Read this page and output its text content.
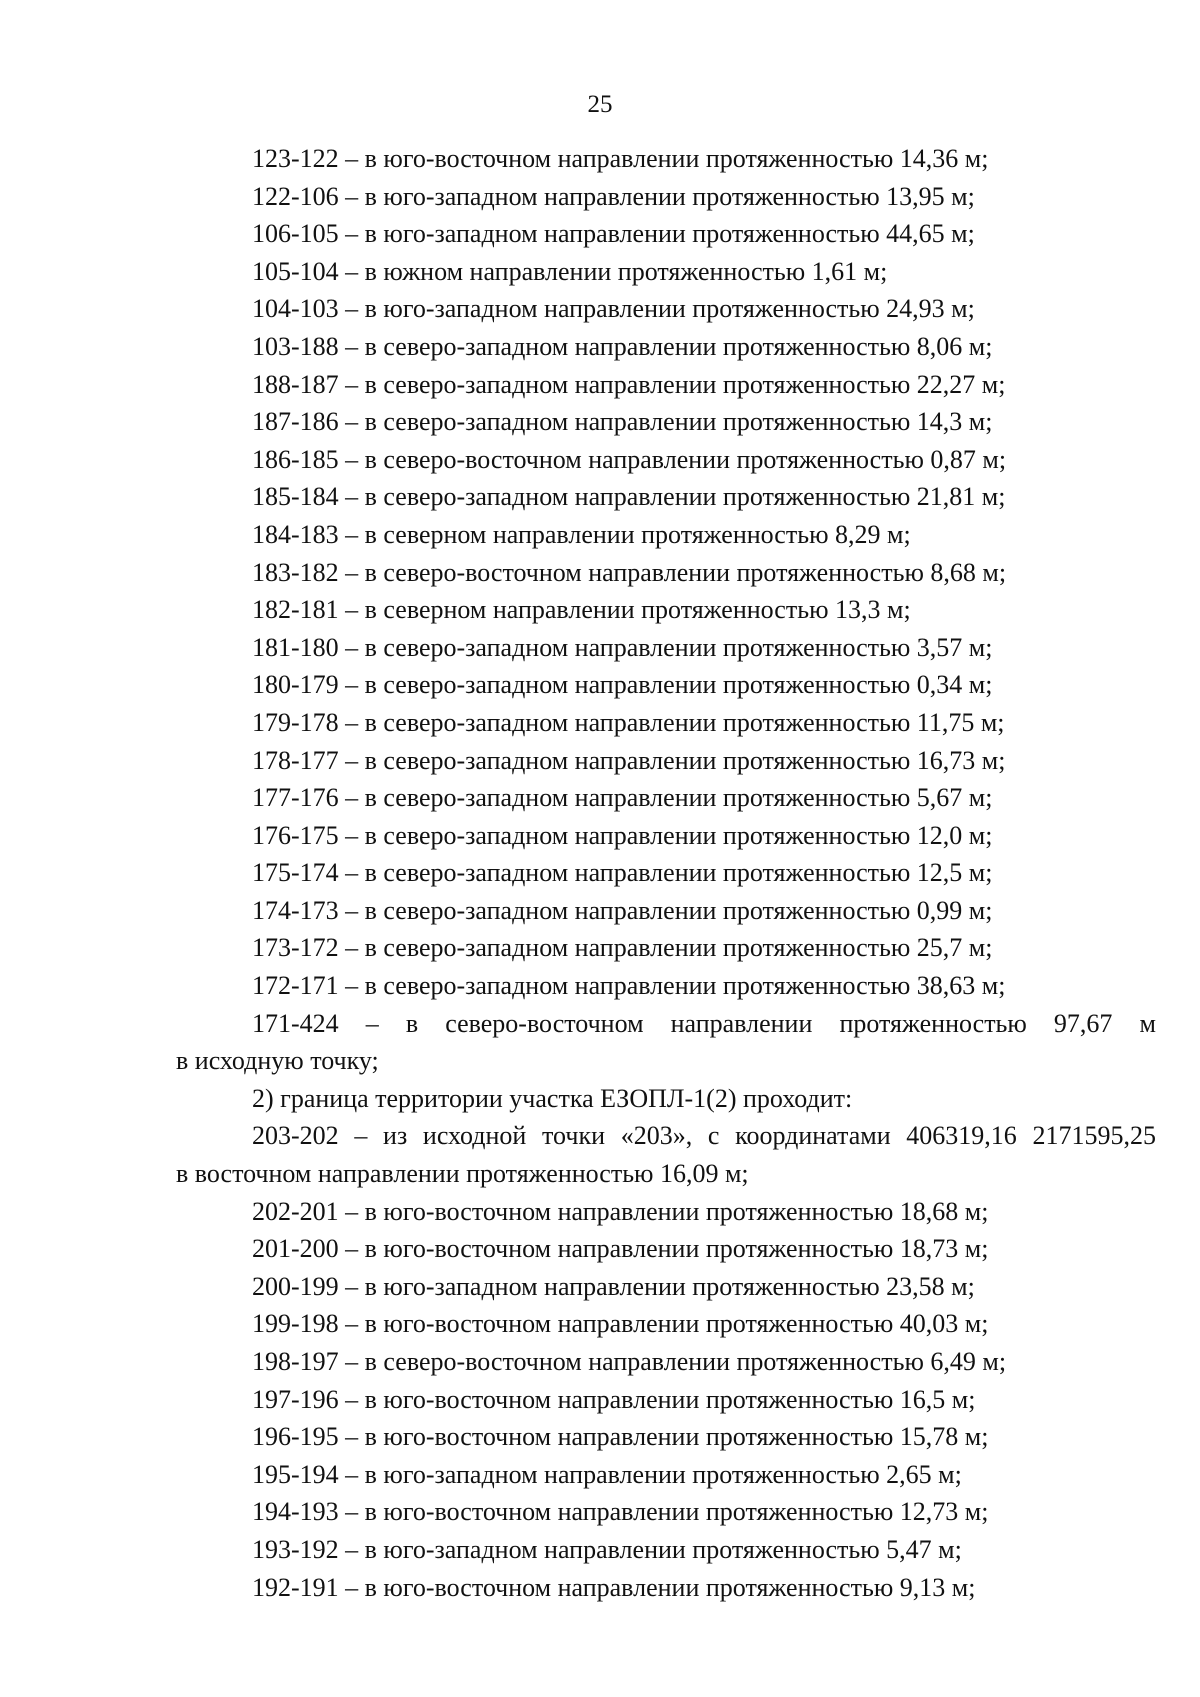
25

123-122 – в юго-восточном направлении протяженностью 14,36 м;

122-106 – в юго-западном направлении протяженностью 13,95 м;

106-105 – в юго-западном направлении протяженностью 44,65 м;

105-104 – в южном направлении протяженностью 1,61 м;

104-103 – в юго-западном направлении протяженностью 24,93 м;

103-188 – в северо-западном направлении протяженностью 8,06 м;

188-187 – в северо-западном направлении протяженностью 22,27 м;

187-186 – в северо-западном направлении протяженностью 14,3 м;

186-185 – в северо-восточном направлении протяженностью 0,87 м;

185-184 – в северо-западном направлении протяженностью 21,81 м;

184-183 – в северном направлении протяженностью 8,29 м;

183-182 – в северо-восточном направлении протяженностью 8,68 м;

182-181 – в северном направлении протяженностью 13,3 м;

181-180 – в северо-западном направлении протяженностью 3,57 м;

180-179 – в северо-западном направлении протяженностью 0,34 м;

179-178 – в северо-западном направлении протяженностью 11,75 м;

178-177 – в северо-западном направлении протяженностью 16,73 м;

177-176 – в северо-западном направлении протяженностью 5,67 м;

176-175 – в северо-западном направлении протяженностью 12,0 м;

175-174 – в северо-западном направлении протяженностью 12,5 м;

174-173 – в северо-западном направлении протяженностью 0,99 м;

173-172 – в северо-западном направлении протяженностью 25,7 м;

172-171 – в северо-западном направлении протяженностью 38,63 м;

171-424 – в северо-восточном направлении протяженностью 97,67 м

в исходную точку;

2) граница территории участка ЕЗОПЛ-1(2) проходит:

203-202 – из исходной точки «203», с координатами 406319,16 2171595,25

в восточном направлении протяженностью 16,09 м;

202-201 – в юго-восточном направлении протяженностью 18,68 м;

201-200 – в юго-восточном направлении протяженностью 18,73 м;

200-199 – в юго-западном направлении протяженностью 23,58 м;

199-198 – в юго-восточном направлении протяженностью 40,03 м;

198-197 – в северо-восточном направлении протяженностью 6,49 м;

197-196 – в юго-восточном направлении протяженностью 16,5 м;

196-195 – в юго-восточном направлении протяженностью 15,78 м;

195-194 – в юго-западном направлении протяженностью 2,65 м;

194-193 – в юго-восточном направлении протяженностью 12,73 м;

193-192 – в юго-западном направлении протяженностью 5,47 м;

192-191 – в юго-восточном направлении протяженностью 9,13 м;
